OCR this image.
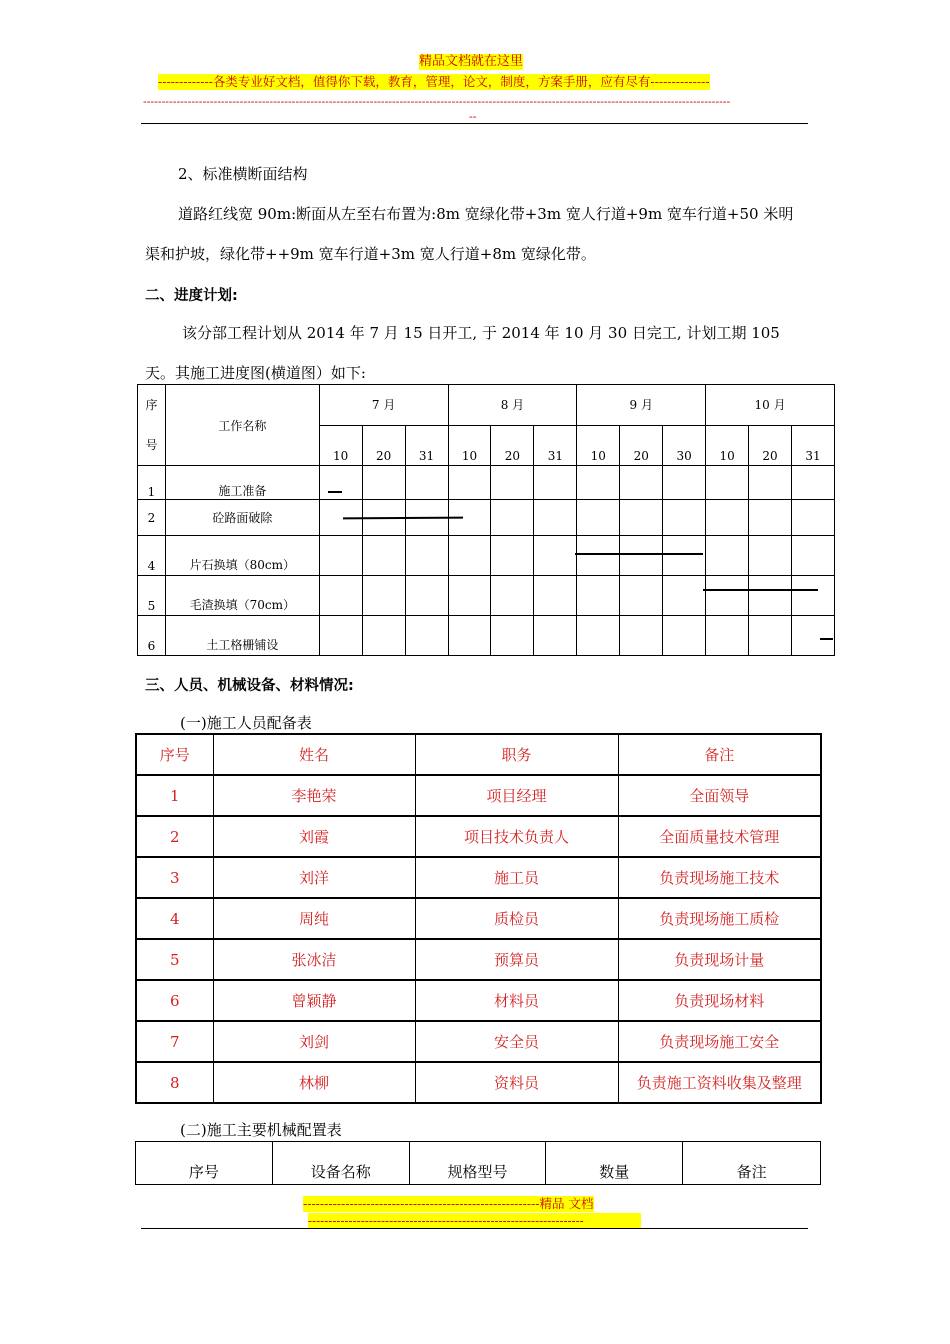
精品文档就在这里
-------------各类专业好文档，值得你下载，教育，管理，论文，制度，方案手册，应有尽有--------------
--------------------------------------------------------------------------------------------------------------------------------------------------------------
--
2、标准横断面结构
道路红线宽 90m:断面从左至右布置为:8m 宽绿化带+3m 宽人行道+9m 宽车行道+50 米明
渠和护坡，绿化带++9m 宽车行道+3m 宽人行道+8m 宽绿化带。
二、进度计划:
该分部工程计划从 2014 年 7 月 15 日开工, 于 2014 年 10 月 30 日完工, 计划工期 105
天。其施工进度图(横道图）如下:
序
号	工作名称	7 月			8 月			9 月			10 月		
		10	20	31	10	20	31	10	20	30	10	20	31
1	施工准备												
2	砼路面破除												
4	片石换填（80cm）												
5	毛渣换填（70cm）												
6	土工格栅铺设												
三、人员、机械设备、材料情况:
(一)施工人员配备表
序号	姓名	职务	备注
1	李艳荣	项目经理	全面领导
2	刘霞	项目技术负责人	全面质量技术管理
3	刘洋	施工员	负责现场施工技术
4	周纯	质检员	负责现场施工质检
5	张冰洁	预算员	负责现场计量
6	曾颖静	材料员	负责现场材料
7	刘剑	安全员	负责现场施工安全
8	林柳	资料员	负责施工资料收集及整理
(二)施工主要机械配置表
序号	设备名称	规格型号	数量	备注
--------------------------------------------------------精品 文档
--------------------------------------------------------------------
